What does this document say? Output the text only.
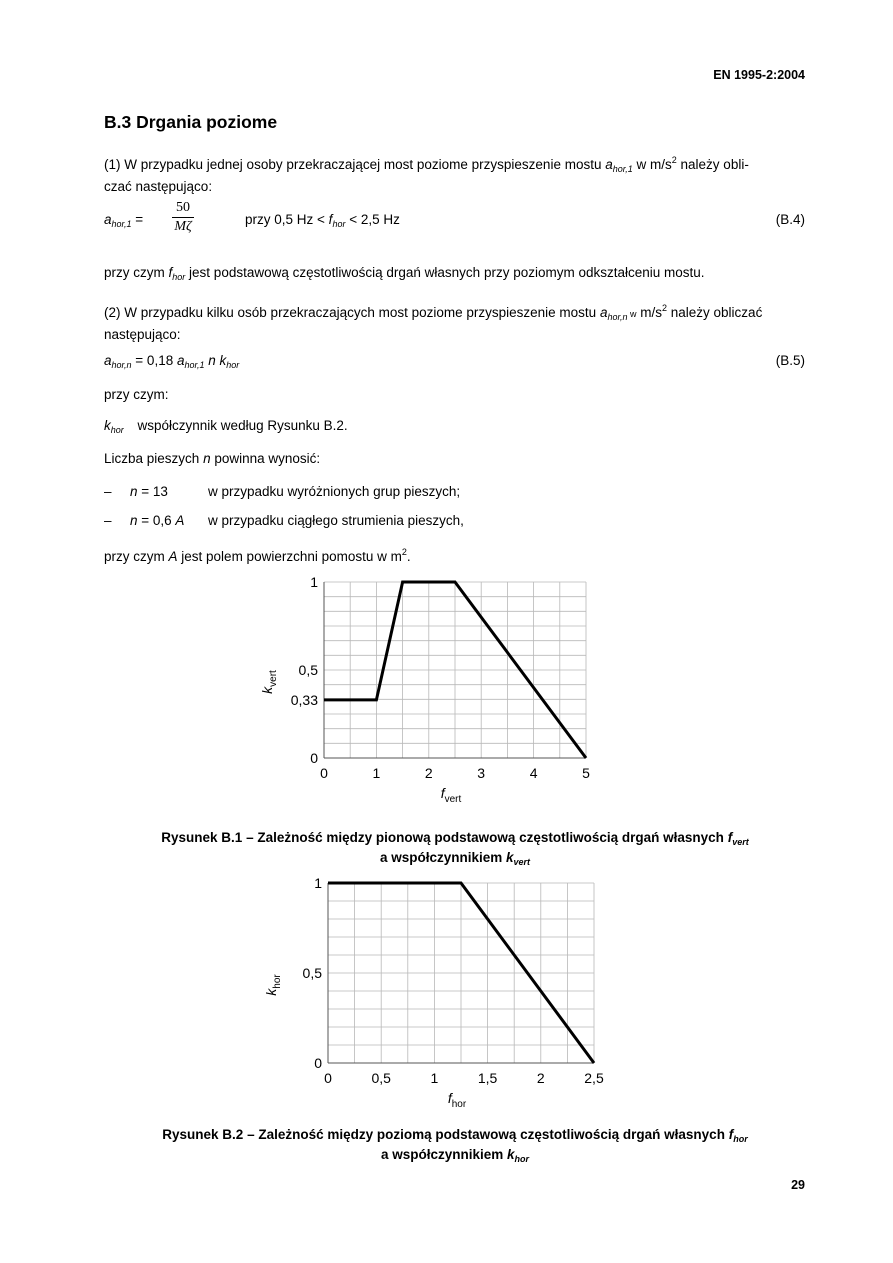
EN 1995-2:2004
B.3 Drgania poziome
(1) W przypadku jednej osoby przekraczającej most poziome przyspieszenie mostu $a_{hor,1}$ w $m/s^2$ należy obli-
czać następująco:
$a_{hor,1} = \frac{50}{M\zeta}$	przy 0,5 $Hz < f_{hor} < 2,5$ Hz	(B.4)
przy czym $f_{hor}$ jest podstawową częstotliwością drgań własnych przy poziomym odkształceniu mostu.
(2) W przypadku kilku osób przekraczających most poziome przyspieszenie mostu $a_{hor,n}$ w $m/s^2$ należy obliczać
następująco:
$a_{hor,n} = 0,18$ $a_{hor,1}$ n $k_{hor}$	(B.5)
przy czym:
$k_{hor}$ współczynnik według Rysunku B.2.
Liczba pieszych n powinna wynosić:
– n = 13	w przypadku wyróżnionych grup pieszych;
– n = 0,6 A w przypadku ciągłego strumienia pieszych,
przy czym A jest polem powierzchni pomostu w $m^2$.
0	1	2	3	4	5
0
0,33
0,5
1
$f_{vert}$
$k_{vert}$
Rysunek B.1 – Zależność między pionową podstawową częstotliwością drgań własnych $f_{vert}$
a współczynnikiem $k_{vert}$
0	0,5	1	1,5	2	2,5
0
0,5
1
$f_{hor}$
$k_{hor}$
Rysunek B.2 – Zależność między poziomą podstawową częstotliwością drgań własnych $f_{hor}$
a współczynnikiem $k_{hor}$
29
